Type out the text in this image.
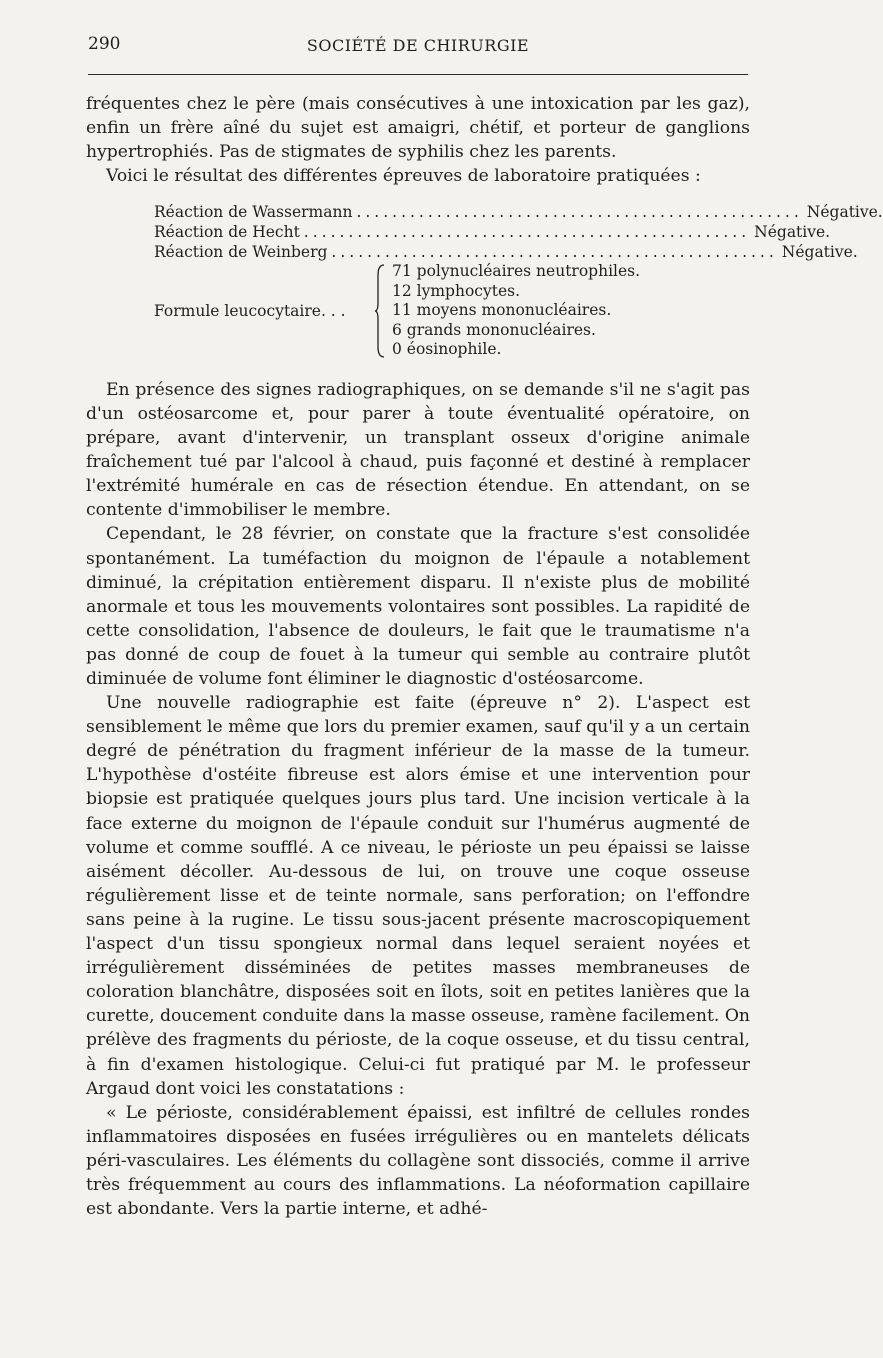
290	SOCIÉTÉ DE CHIRURGIE

fréquentes chez le père (mais consécutives à une intoxication par les gaz), enfin un frère aîné du sujet est amaigri, chétif, et porteur de ganglions hypertrophiés. Pas de stigmates de syphilis chez les parents.

Voici le résultat des différentes épreuves de laboratoire pratiquées :

Réaction de Wassermann .................................................. Négative.
Réaction de Hecht .................................................. Négative.
Réaction de Weinberg .................................................. Négative.
Formule leucocytaire. . .
71 polynucléaires neutrophiles.
12 lymphocytes.
11 moyens mononucléaires.
6 grands mononucléaires.
0 éosinophile.

En présence des signes radiographiques, on se demande s'il ne s'agit pas d'un ostéosarcome et, pour parer à toute éventualité opératoire, on prépare, avant d'intervenir, un transplant osseux d'origine animale fraîchement tué par l'alcool à chaud, puis façonné et destiné à remplacer l'extrémité humérale en cas de résection étendue. En attendant, on se contente d'immobiliser le membre.

Cependant, le 28 février, on constate que la fracture s'est consolidée spontanément. La tuméfaction du moignon de l'épaule a notablement diminué, la crépitation entièrement disparu. Il n'existe plus de mobilité anormale et tous les mouvements volontaires sont possibles. La rapidité de cette consolidation, l'absence de douleurs, le fait que le traumatisme n'a pas donné de coup de fouet à la tumeur qui semble au contraire plutôt diminuée de volume font éliminer le diagnostic d'ostéosarcome.

Une nouvelle radiographie est faite (épreuve n° 2). L'aspect est sensiblement le même que lors du premier examen, sauf qu'il y a un certain degré de pénétration du fragment inférieur de la masse de la tumeur. L'hypothèse d'ostéite fibreuse est alors émise et une intervention pour biopsie est pratiquée quelques jours plus tard. Une incision verticale à la face externe du moignon de l'épaule conduit sur l'humérus augmenté de volume et comme soufflé. A ce niveau, le périoste un peu épaissi se laisse aisément décoller. Au-dessous de lui, on trouve une coque osseuse régulièrement lisse et de teinte normale, sans perforation; on l'effondre sans peine à la rugine. Le tissu sous-jacent présente macroscopiquement l'aspect d'un tissu spongieux normal dans lequel seraient noyées et irrégulièrement disséminées de petites masses membraneuses de coloration blanchâtre, disposées soit en îlots, soit en petites lanières que la curette, doucement conduite dans la masse osseuse, ramène facilement. On prélève des fragments du périoste, de la coque osseuse, et du tissu central, à fin d'examen histologique. Celui-ci fut pratiqué par M. le professeur Argaud dont voici les constatations :

« Le périoste, considérablement épaissi, est infiltré de cellules rondes inflammatoires disposées en fusées irrégulières ou en mantelets délicats péri-vasculaires. Les éléments du collagène sont dissociés, comme il arrive très fréquemment au cours des inflammations. La néoformation capillaire est abondante. Vers la partie interne, et adhé-
